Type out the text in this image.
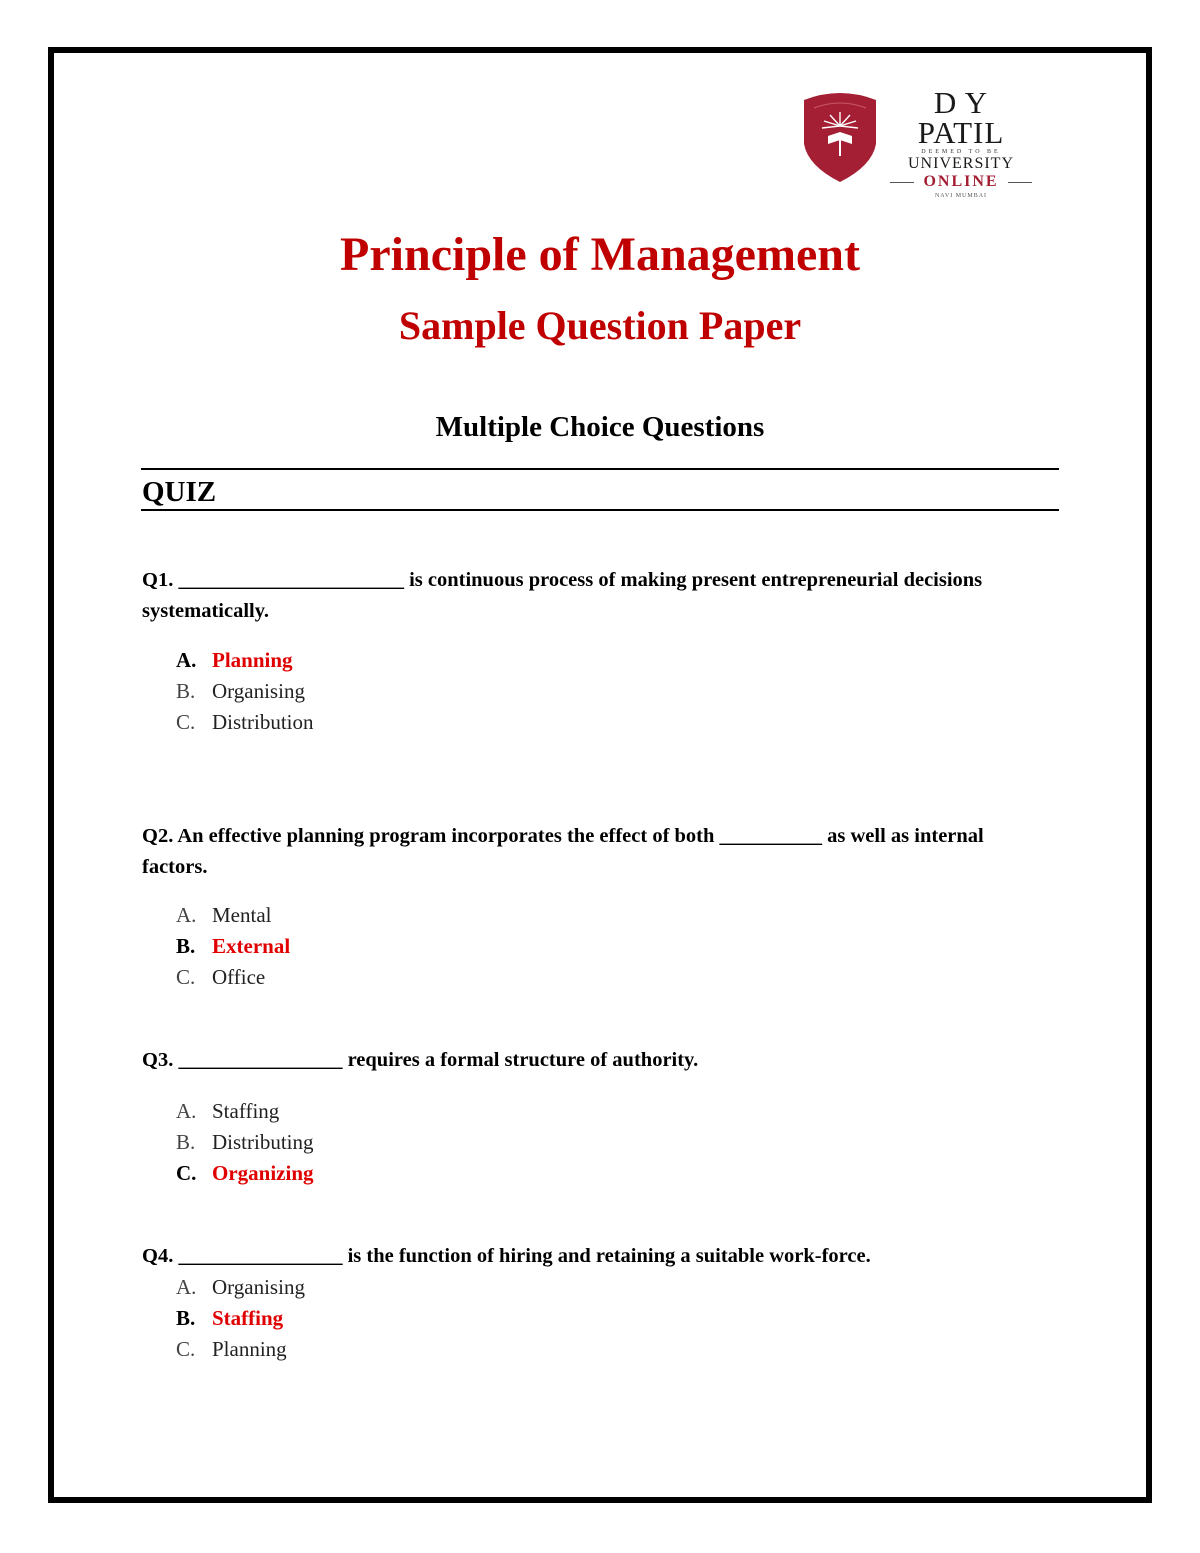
D Y PATIL
DEEMED TO BE
UNIVERSITY
ONLINE
NAVI MUMBAI
Principle of Management
Sample Question Paper
Multiple Choice Questions
QUIZ

Q1. ______________________ is continuous process of making present entrepreneurial decisions systematically.

A. Planning
B. Organising
C. Distribution

Q2. An effective planning program incorporates the effect of both __________ as well as internal factors.

A. Mental
B. External
C. Office

Q3. ________________ requires a formal structure of authority.

A. Staffing
B. Distributing
C. Organizing

Q4. ________________ is the function of hiring and retaining a suitable work-force.

A. Organising
B. Staffing
C. Planning
